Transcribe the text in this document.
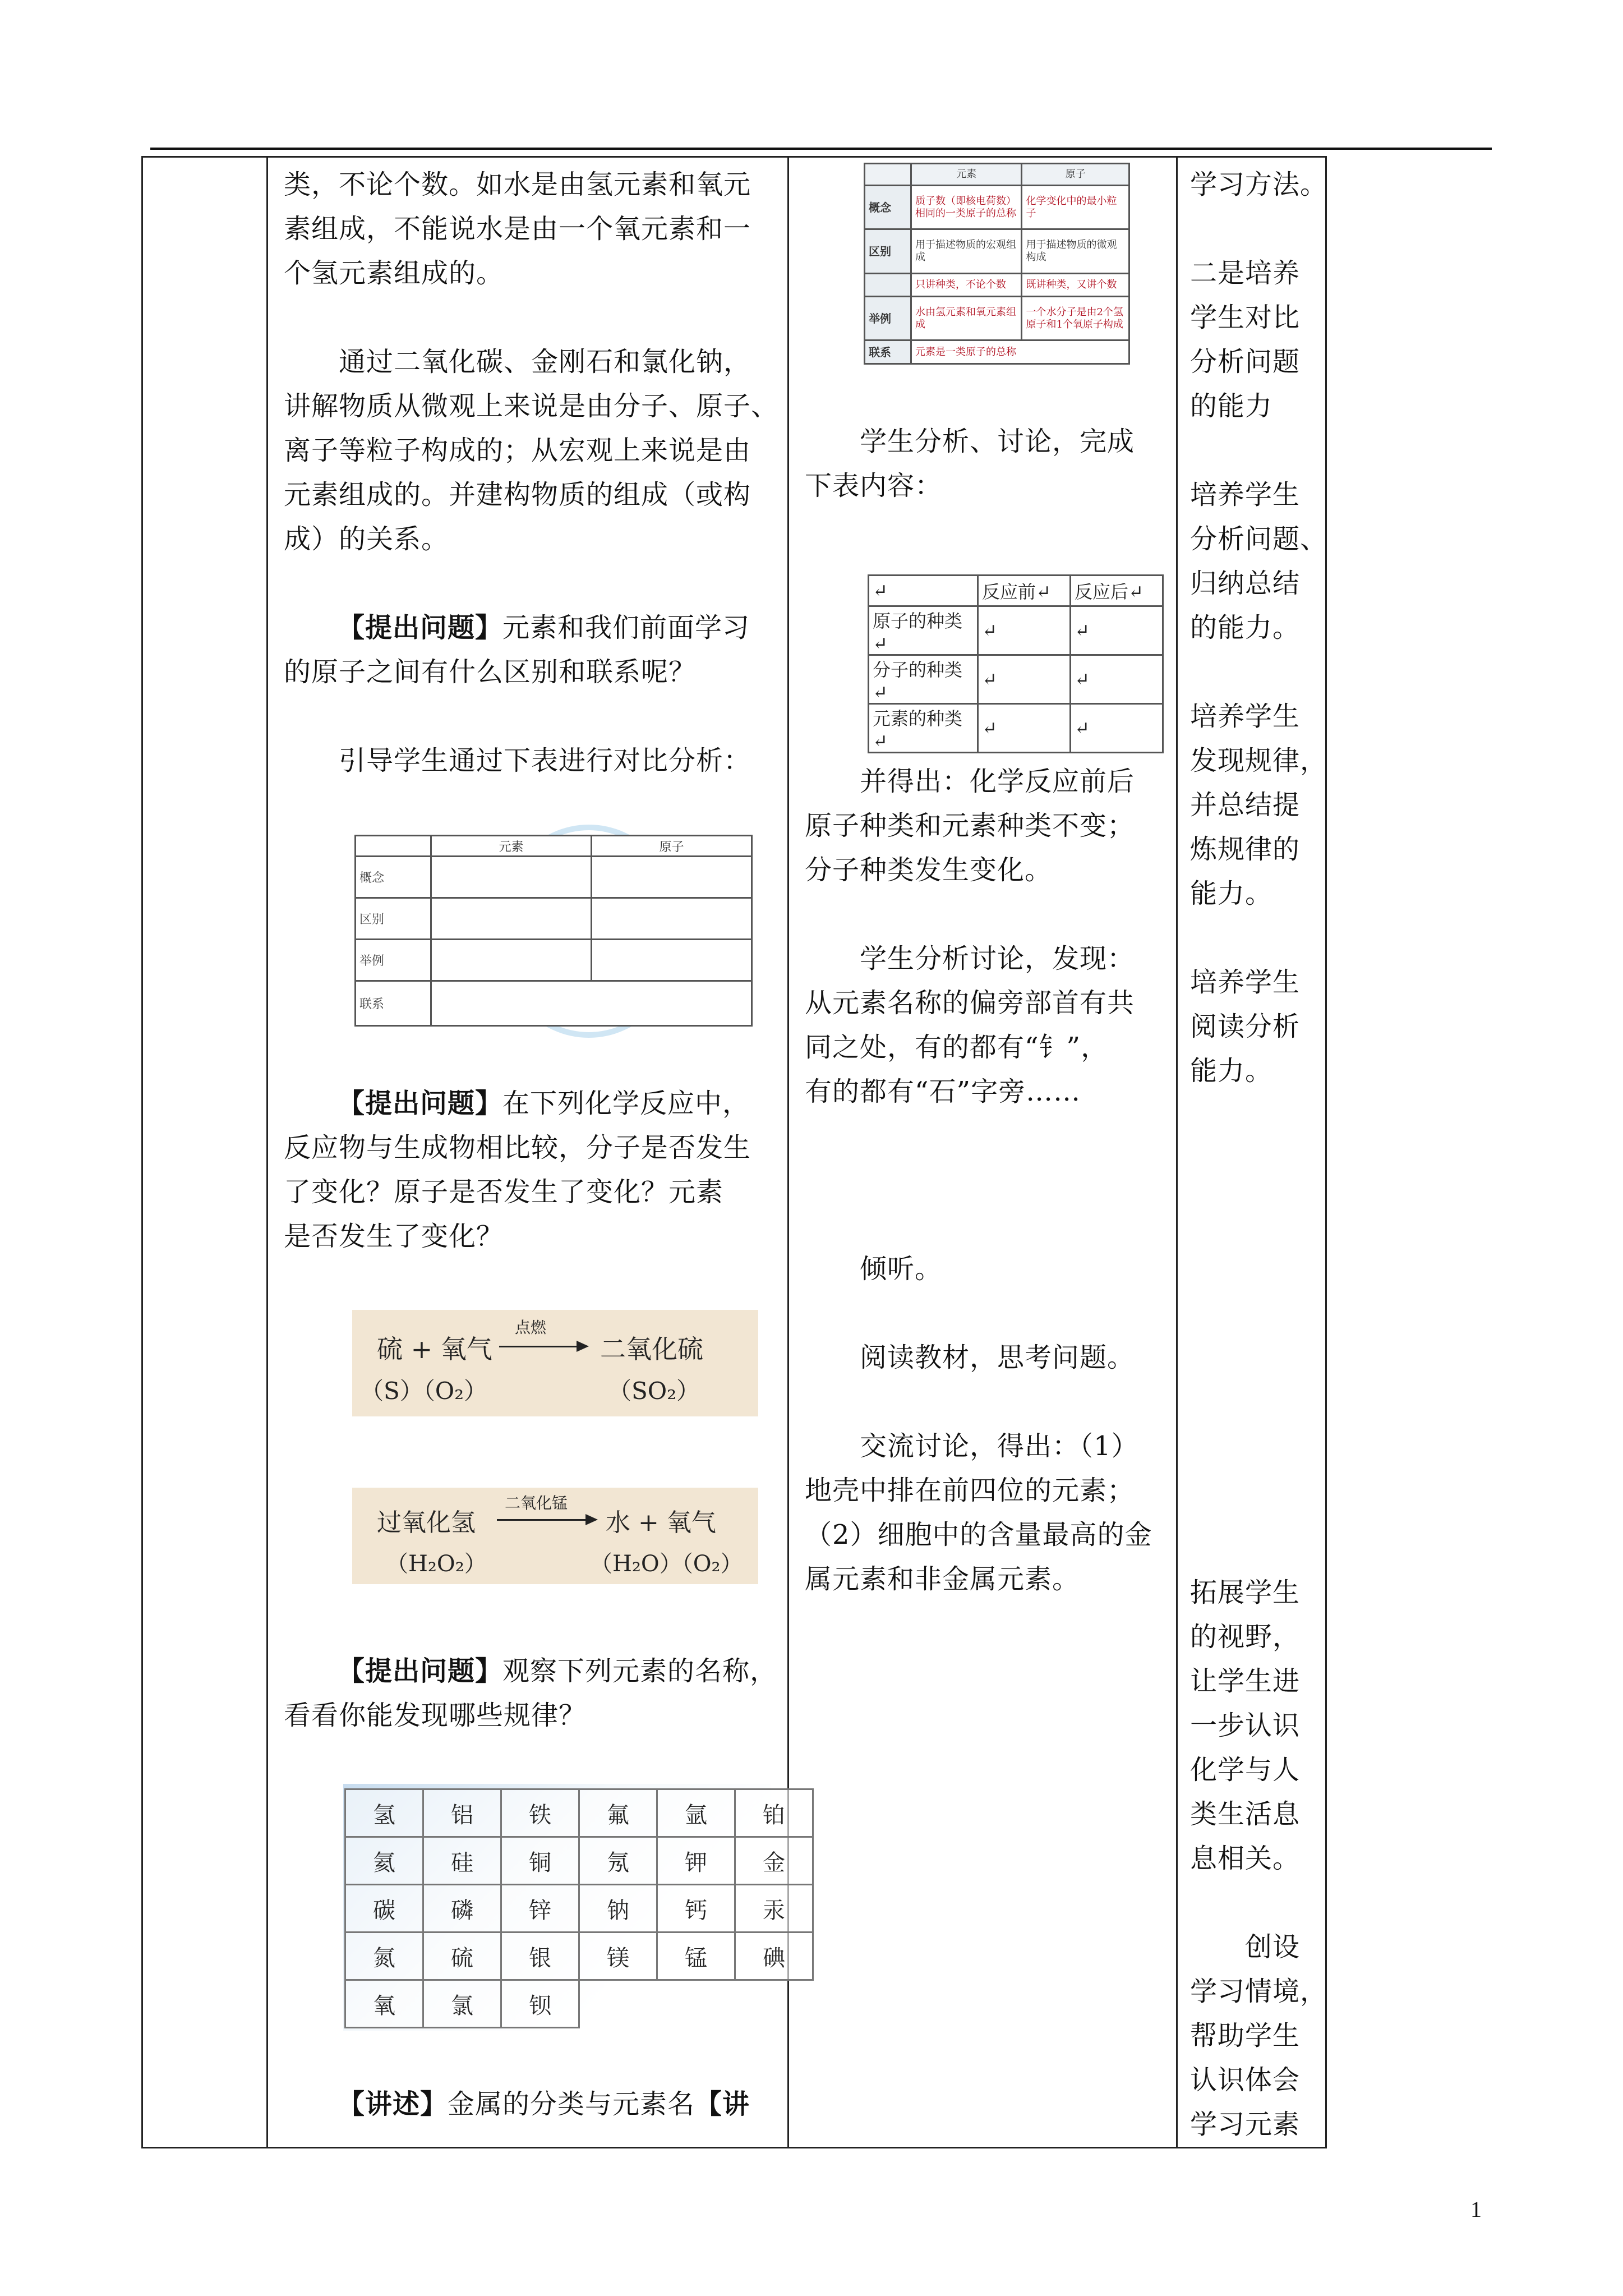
类，不论个数。如水是由氢元素和氧元

素组成，不能说水是由一个氧元素和一

个氢元素组成的。

　　通过二氧化碳、金刚石和氯化钠，

讲解物质从微观上来说是由分子、原子、

离子等粒子构成的；从宏观上来说是由

元素组成的。并建构物质的组成（或构

成）的关系。

【提出问题】元素和我们前面学习

的原子之间有什么区别和联系呢？

　　引导学生通过下表进行对比分析：

	元素	原子
概念		
区别		
举例		
联系		

【提出问题】在下列化学反应中，

反应物与生成物相比较，分子是否发生

了变化？原子是否发生了变化？元素

是否发生了变化？

硫 + 氧气
点燃
二氧化硫
（S）（O₂）	（SO₂）
过氧化氢
二氧化锰
水 + 氧气
（H₂O₂）	（H₂O）（O₂）

【提出问题】观察下列元素的名称，

看看你能发现哪些规律？

氢	铝	铁	氟	氩	铂
氦	硅	铜	氖	钾	金
碳	磷	锌	钠	钙	汞
氮	硫	银	镁	锰	碘
氧	氯	钡			

【讲述】金属的分类与元素名【讲

	元素	原子
概念	质子数（即核电荷数）相同的一类原子的总称	化学变化中的最小粒子
区别	用于描述物质的宏观组成	用于描述物质的微观构成
	只讲种类，不论个数	既讲种类，又讲个数
举例	水由氢元素和氧元素组成	一个水分子是由2个氢原子和1个氧原子构成
联系	元素是一类原子的总称	

　　学生分析、讨论，完成

下表内容：

↵	反应前↵	反应后↵
原子的种类↵	↵	↵
分子的种类↵	↵	↵
元素的种类↵	↵	↵

　　并得出：化学反应前后

原子种类和元素种类不变；

分子种类发生变化。

　　学生分析讨论，发现：

从元素名称的偏旁部首有共

同之处，有的都有“钅”，

有的都有“石”字旁……

　　倾听。

　　阅读教材，思考问题。

　　交流讨论，得出：（1）

地壳中排在前四位的元素；

（2）细胞中的含量最高的金

属元素和非金属元素。

学习方法。

二是培养

学生对比

分析问题

的能力

培养学生

分析问题、

归纳总结

的能力。

培养学生

发现规律，

并总结提

炼规律的

能力。

培养学生

阅读分析

能力。

拓展学生

的视野，

让学生进

一步认识

化学与人

类生活息

息相关。

　　创设

学习情境，

帮助学生

认识体会

学习元素

1
